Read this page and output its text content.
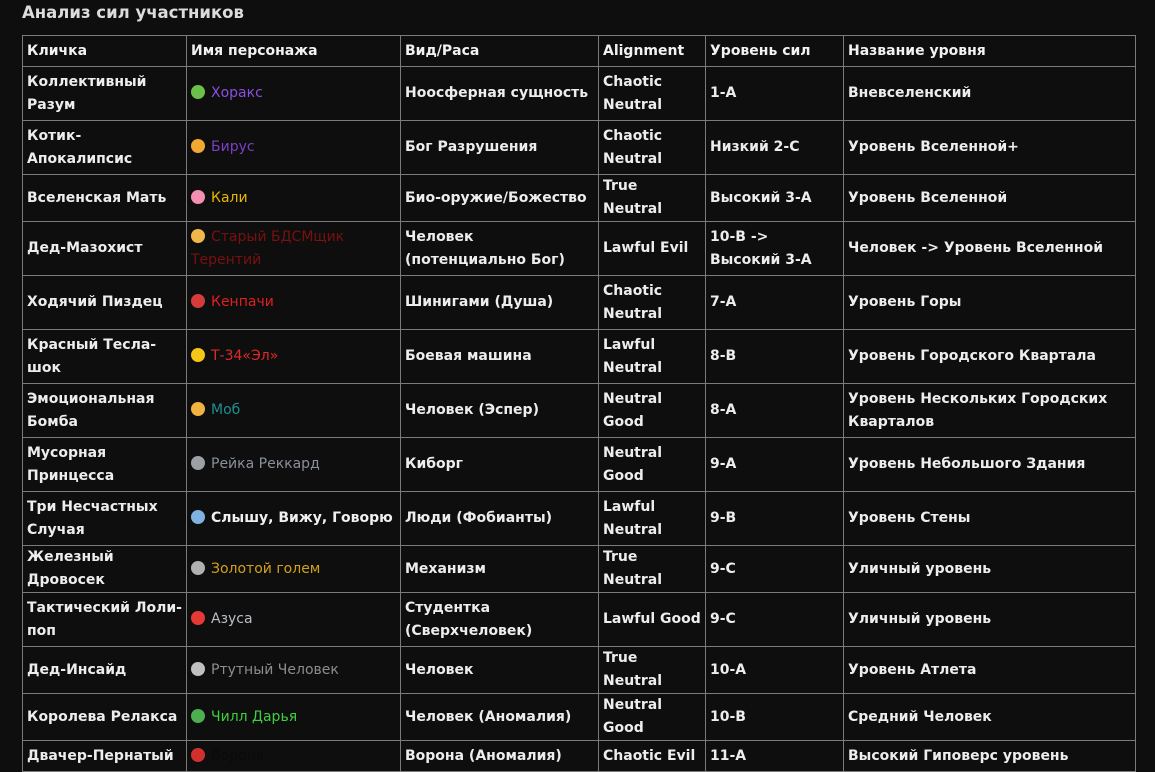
Анализ сил участников
Кличка	Имя персонажа	Вид/Раса	Alignment	Уровень сил	Название уровня
Коллективный Разум	Хоракс	Ноосферная сущность	Chaotic Neutral	1-A	Вневселенский
Котик-Апокалипсис	Бирус	Бог Разрушения	Chaotic Neutral	Низкий 2-C	Уровень Вселенной+
Вселенская Мать	Кали	Био-оружие/Божество	True Neutral	Высокий 3-A	Уровень Вселенной
Дед-Мазохист	Старый БДСМщик Терентий	Человек (потенциально Бог)	Lawful Evil	10-B -> Высокий 3-A	Человек -> Уровень Вселенной
Ходячий Пиздец	Кенпачи	Шинигами (Душа)	Chaotic Neutral	7-A	Уровень Горы
Красный Тесла-шок	Т-34«Эл»	Боевая машина	Lawful Neutral	8-B	Уровень Городского Квартала
Эмоциональная Бомба	Моб	Человек (Эспер)	Neutral Good	8-A	Уровень Нескольких Городских Кварталов
Мусорная Принцесса	Рейка Реккард	Киборг	Neutral Good	9-A	Уровень Небольшого Здания
Три Несчастных Случая	Слышу, Вижу, Говорю	Люди (Фобианты)	Lawful Neutral	9-B	Уровень Стены
Железный Дровосек	Золотой голем	Механизм	True Neutral	9-C	Уличный уровень
Тактический Лоли-поп	Азуса	Студентка (Сверхчеловек)	Lawful Good	9-C	Уличный уровень
Дед-Инсайд	Ртутный Человек	Человек	True Neutral	10-A	Уровень Атлета
Королева Релакса	Чилл Дарья	Человек (Аномалия)	Neutral Good	10-B	Средний Человек
Двачер-Пернатый	Ворона	Ворона (Аномалия)	Chaotic Evil	11-A	Высокий Гиповерс уровень
